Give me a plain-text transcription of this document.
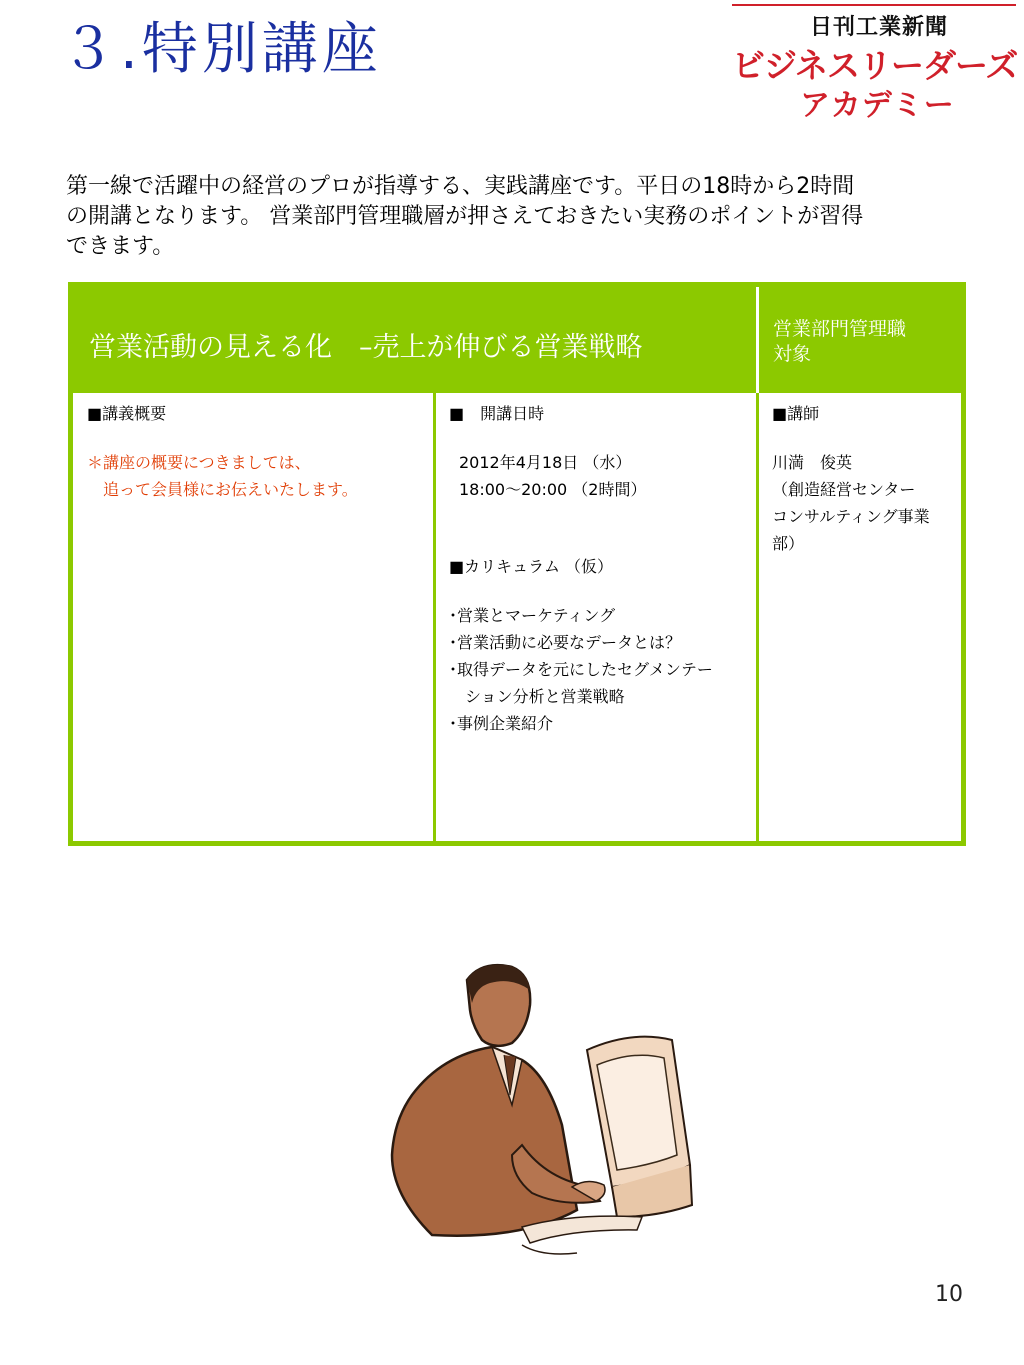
３.特別講座	日刊工業新聞
ビジネスリーダーズ
アカデミー
第一線で活躍中の経営のプロが指導する、実践講座です。平日の18時から2時間
の開講となります。 営業部門管理職層が押さえておきたい実務のポイントが習得
できます。
営業活動の見える化　–売上が伸びる営業戦略
営業部門管理職
対象
■講義概要
＊講座の概要につきましては、
　追って会員様にお伝えいたします。
■　開講日時
2012年4月18日 （水）
18:00～20:00 （2時間）
■カリキュラム （仮）
･営業とマーケティング
･営業活動に必要なデータとは？
･取得データを元にしたセグメンテー
　ション分析と営業戦略
･事例企業紹介
■講師
川満　俊英
（創造経営センター
コンサルティング事業
部）
10
